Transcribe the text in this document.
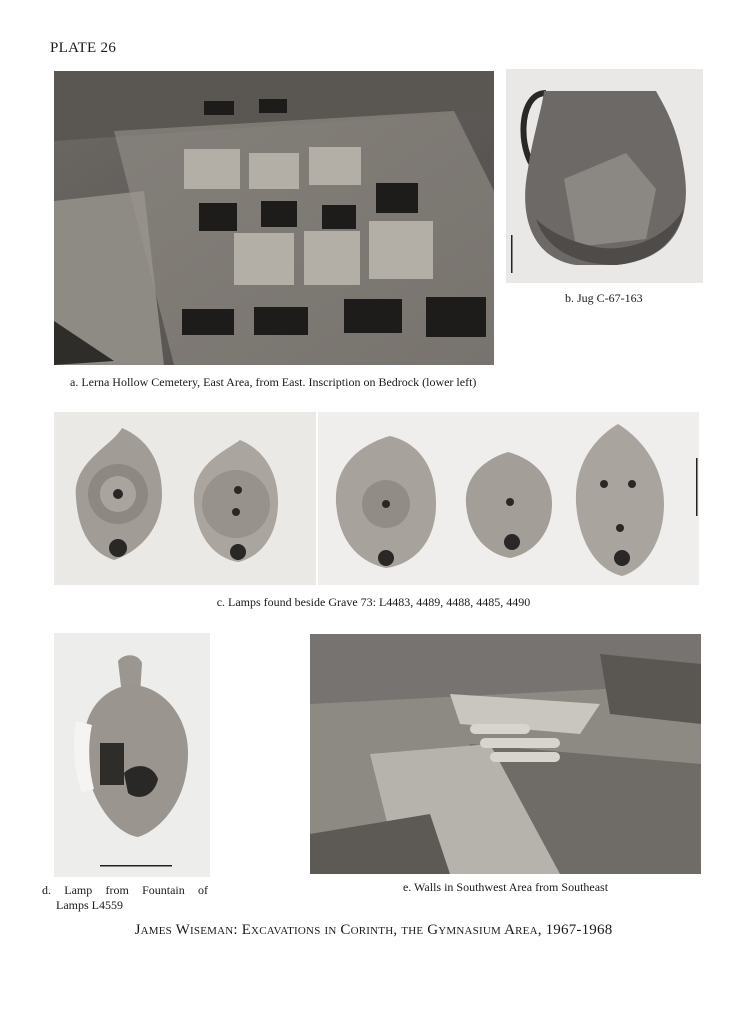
PLATE 26
a. Lerna Hollow Cemetery, East Area, from East. Inscription on Bedrock (lower left)
b. Jug C-67-163
c. Lamps found beside Grave 73: L4483, 4489, 4488, 4485, 4490
d. Lamp from Fountain of
Lamps L4559
e. Walls in Southwest Area from Southeast
James Wiseman: Excavations in Corinth, the Gymnasium Area, 1967-1968
